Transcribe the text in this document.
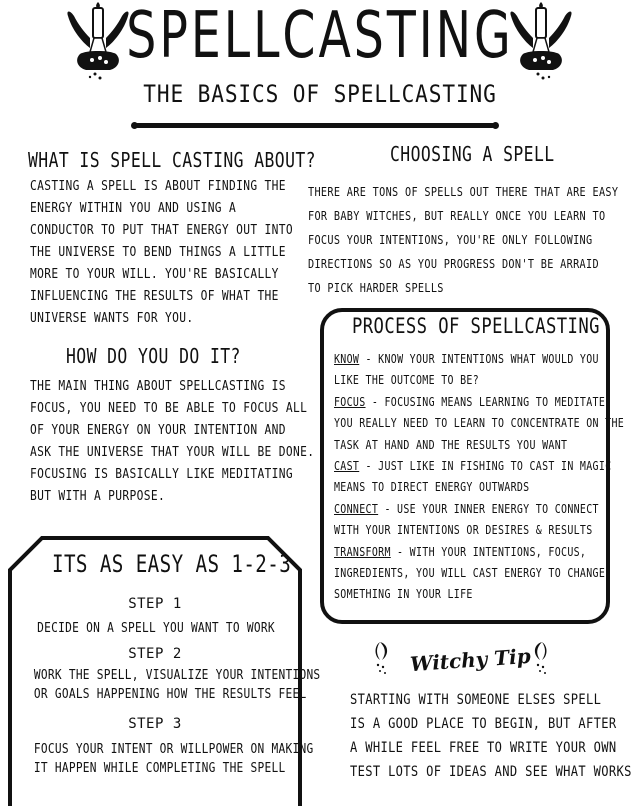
SPELLCASTING
THE BASICS OF SPELLCASTING
WHAT IS SPELL CASTING ABOUT?
CASTING A SPELL IS ABOUT FINDING THE
ENERGY WITHIN YOU AND USING A
CONDUCTOR TO PUT THAT ENERGY OUT INTO
THE UNIVERSE TO BEND THINGS A LITTLE
MORE TO YOUR WILL. YOU'RE BASICALLY
INFLUENCING THE RESULTS OF WHAT THE
UNIVERSE WANTS FOR YOU.
HOW DO YOU DO IT?
THE MAIN THING ABOUT SPELLCASTING IS
FOCUS, YOU NEED TO BE ABLE TO FOCUS ALL
OF YOUR ENERGY ON YOUR INTENTION AND
ASK THE UNIVERSE THAT YOUR WILL BE DONE.
FOCUSING IS BASICALLY LIKE MEDITATING
BUT WITH A PURPOSE.
CHOOSING A SPELL
THERE ARE TONS OF SPELLS OUT THERE THAT ARE EASY
FOR BABY WITCHES, BUT REALLY ONCE YOU LEARN TO
FOCUS YOUR INTENTIONS, YOU'RE ONLY FOLLOWING
DIRECTIONS SO AS YOU PROGRESS DON'T BE ARRAID
TO PICK HARDER SPELLS
PROCESS OF SPELLCASTING
KNOW - KNOW YOUR INTENTIONS WHAT WOULD YOU
LIKE THE OUTCOME TO BE?
FOCUS - FOCUSING MEANS LEARNING TO MEDITATE,
YOU REALLY NEED TO LEARN TO CONCENTRATE ON THE
TASK AT HAND AND THE RESULTS YOU WANT
CAST - JUST LIKE IN FISHING TO CAST IN MAGIC
MEANS TO DIRECT ENERGY OUTWARDS
CONNECT - USE YOUR INNER ENERGY TO CONNECT
WITH YOUR INTENTIONS OR DESIRES & RESULTS
TRANSFORM - WITH YOUR INTENTIONS, FOCUS,
INGREDIENTS, YOU WILL CAST ENERGY TO CHANGE
SOMETHING IN YOUR LIFE
ITS AS EASY AS 1-2-3
STEP 1
DECIDE ON A SPELL YOU WANT TO WORK
STEP 2
WORK THE SPELL, VISUALIZE YOUR INTENTIONS
OR GOALS HAPPENING HOW THE RESULTS FEEL
STEP 3
FOCUS YOUR INTENT OR WILLPOWER ON MAKING
IT HAPPEN WHILE COMPLETING THE SPELL
Witchy Tip
STARTING WITH SOMEONE ELSES SPELL
IS A GOOD PLACE TO BEGIN, BUT AFTER
A WHILE FEEL FREE TO WRITE YOUR OWN
TEST LOTS OF IDEAS AND SEE WHAT WORKS
